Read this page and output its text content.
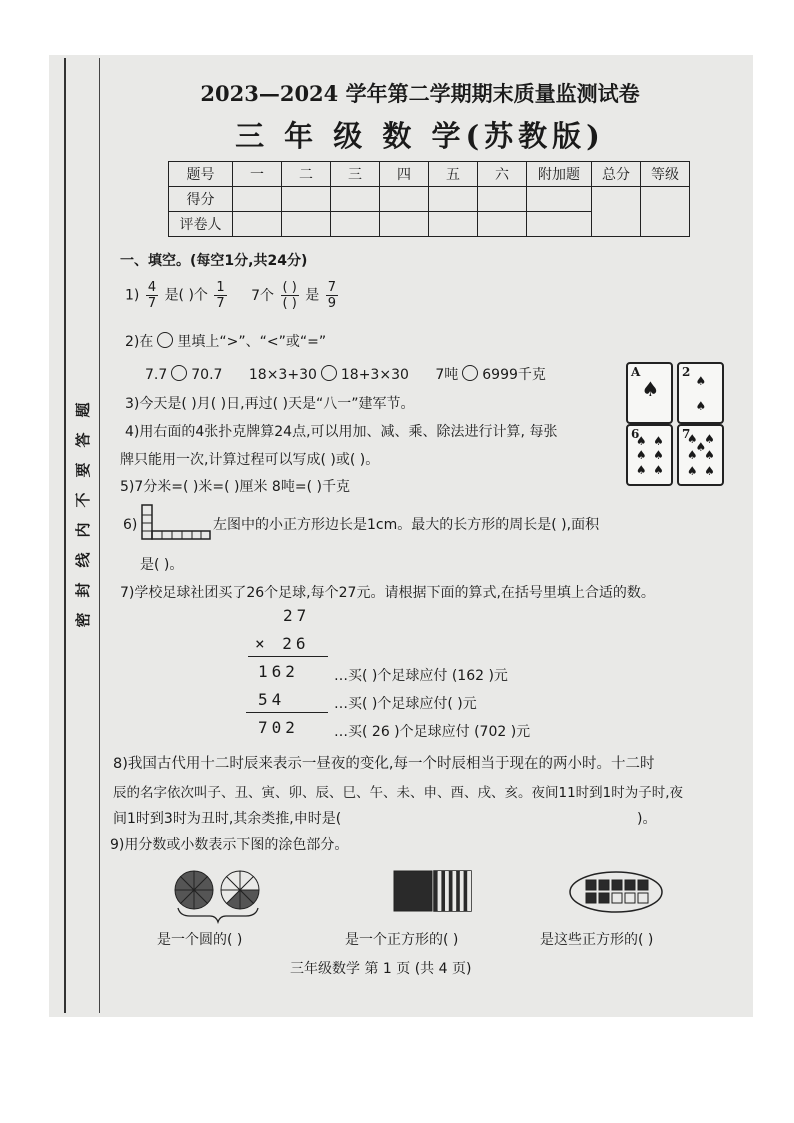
题
答
要
不
内
线
封
密
2023—2024 学年第二学期期末质量监测试卷
三 年 级 数 学(苏教版)
题号	一	二	三	四	五	六	附加题	总分	等级
得分									
评卷人									
一、填空。(每空1分,共24分)
$1) \frac{4}{7}$ 是( )个 $\frac{1}{7} 7$个 $\frac{( )}{( )}$ 是 $\frac{7}{9}$
2)在 里填上“>”、“<”或“=”
7.7 70.7 18×3+30 18+3×30 7吨 6999千克
3)今天是( )月( )日,再过( )天是“八一”建军节。
4)用右面的4张扑克牌算24点,可以用加、减、乘、除法进行计算, 每张
牌只能用一次,计算过程可以写成( )或( )。
5)7分米=( )米=( )厘米 8吨=( )千克
A
♠
2
♠
♠
6
♠ ♠
♠ ♠
♠ ♠
7
♠ ♠
♠
♠ ♠
♠ ♠
6)	左图中的小正方形边长是1cm。最大的长方形的周长是( ),面积
是( )。
7)学校足球社团买了26个足球,每个27元。请根据下面的算式,在括号里填上合适的数。
27
× 26
162	…买( )个足球应付 (162 )元
54	…买( )个足球应付( )元
702	…买( 26 )个足球应付 (702 )元
8)我国古代用十二时辰来表示一昼夜的变化,每一个时辰相当于现在的两小时。十二时
辰的名字依次叫子、丑、寅、卯、辰、巳、午、未、申、酉、戌、亥。夜间11时到1时为子时,夜
间1时到3时为丑时,其余类推,申时是(	)。
9)用分数或小数表示下图的涂色部分。
是一个圆的( )	是一个正方形的( )	是这些正方形的( )
三年级数学 第 1 页 (共 4 页)
